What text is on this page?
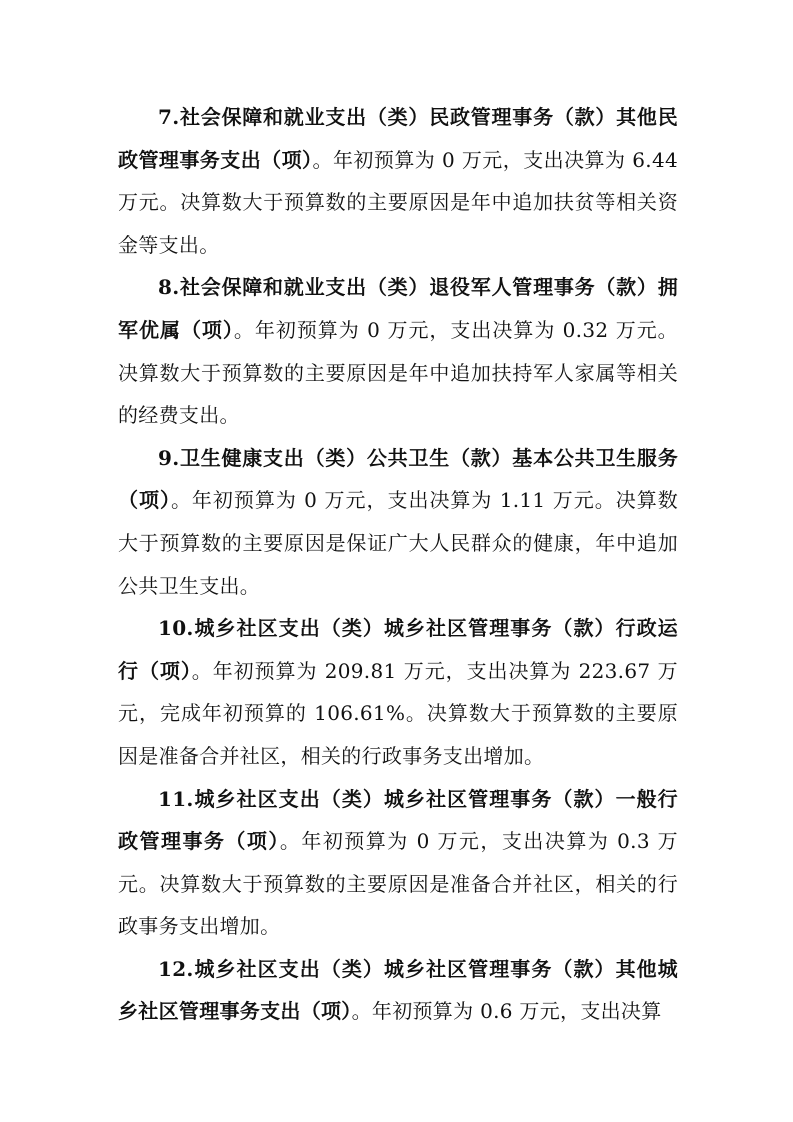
7.社会保障和就业支出（类）民政管理事务（款）其他民政管理事务支出（项）。年初预算为 0 万元，支出决算为 6.44 万元。决算数大于预算数的主要原因是年中追加扶贫等相关资金等支出。

8.社会保障和就业支出（类）退役军人管理事务（款）拥军优属（项）。年初预算为 0 万元，支出决算为 0.32 万元。决算数大于预算数的主要原因是年中追加扶持军人家属等相关的经费支出。

9.卫生健康支出（类）公共卫生（款）基本公共卫生服务（项）。年初预算为 0 万元，支出决算为 1.11 万元。决算数大于预算数的主要原因是保证广大人民群众的健康，年中追加公共卫生支出。

10.城乡社区支出（类）城乡社区管理事务（款）行政运行（项）。年初预算为 209.81 万元，支出决算为 223.67 万元，完成年初预算的 106.61%。决算数大于预算数的主要原因是准备合并社区，相关的行政事务支出增加。

11.城乡社区支出（类）城乡社区管理事务（款）一般行政管理事务（项）。年初预算为 0 万元，支出决算为 0.3 万元。决算数大于预算数的主要原因是准备合并社区，相关的行政事务支出增加。

12.城乡社区支出（类）城乡社区管理事务（款）其他城乡社区管理事务支出（项）。年初预算为 0.6 万元，支出决算
